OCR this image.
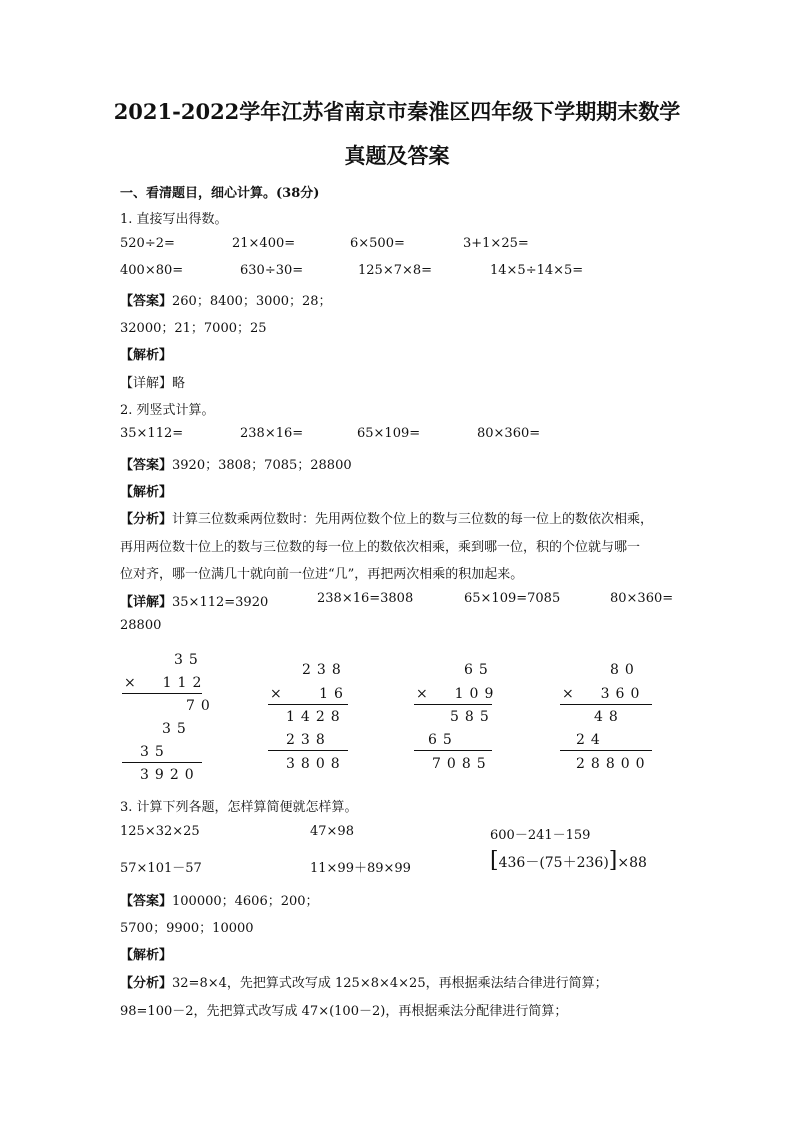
2021-2022学年江苏省南京市秦淮区四年级下学期期末数学
真题及答案
一、看清题目，细心计算。(38分)
1. 直接写出得数。
520÷2=	21×400=	6×500=	3+1×25=
400×80=	630÷30=	125×7×8=	14×5÷14×5=
【答案】260；8400；3000；28；
32000；21；7000；25
【解析】
【详解】略
2. 列竖式计算。
35×112=	238×16=	65×109=	80×360=
【答案】3920；3808；7085；28800
【解析】
【分析】计算三位数乘两位数时：先用两位数个位上的数与三位数的每一位上的数依次相乘，
再用两位数十位上的数与三位数的每一位上的数依次相乘，乘到哪一位，积的个位就与哪一
位对齐，哪一位满几十就向前一位进“几”，再把两次相乘的积加起来。
【详解】35×112=3920	238×16=3808	65×109=7085	80×360=
28800
35
×  112
70
35
35
3920
238
×   16
1428
238
3808
65
×  109
585
65
7085
80
×  360
48
24
28800
3. 计算下列各题，怎样算简便就怎样算。
125×32×25	47×98	600－241－159
57×101－57	11×99＋89×99	[436－(75＋236)]×88
【答案】100000；4606；200；
5700；9900；10000
【解析】
【分析】32=8×4，先把算式改写成 125×8×4×25，再根据乘法结合律进行简算；
98=100－2，先把算式改写成 47×(100－2)，再根据乘法分配律进行简算；
